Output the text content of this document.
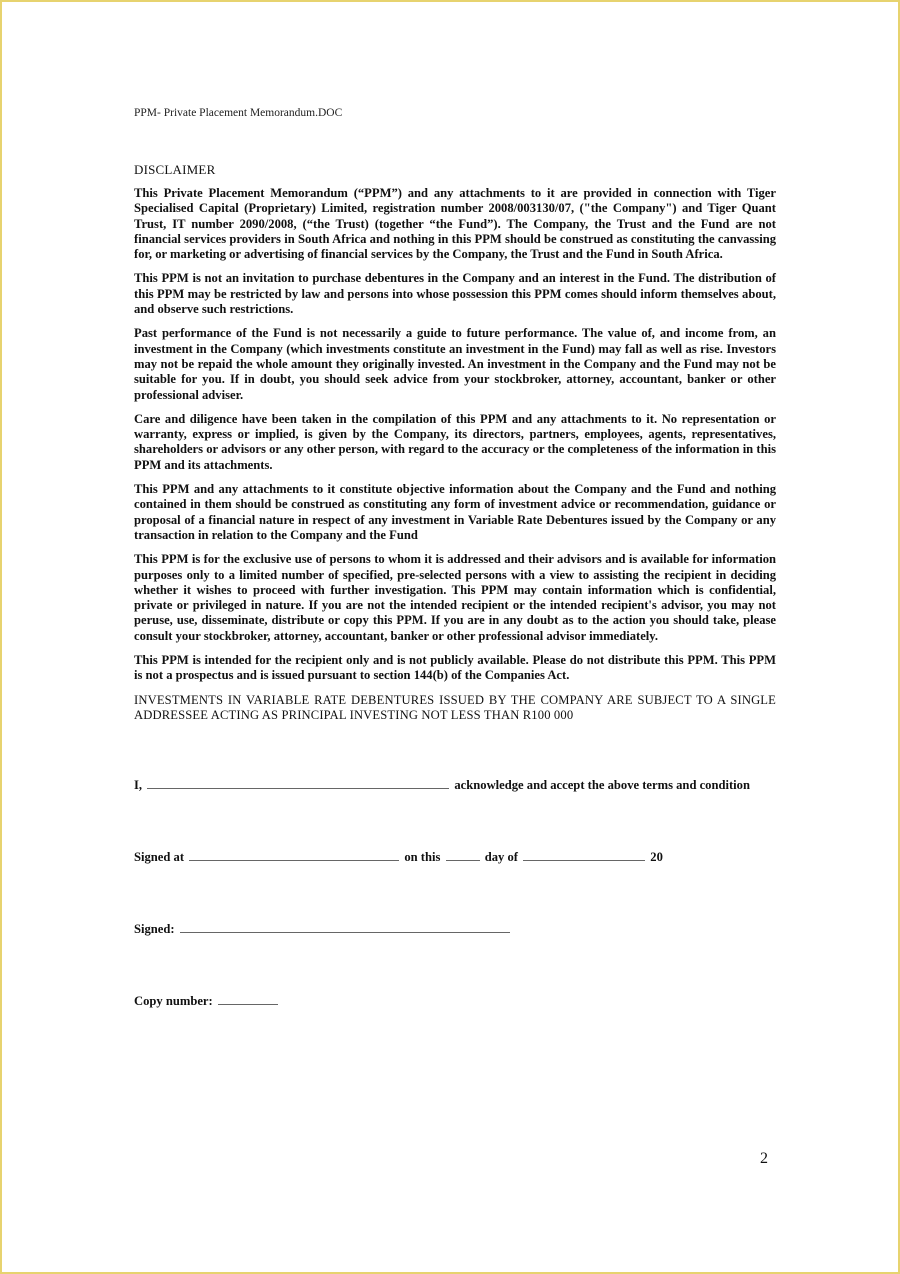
PPM- Private Placement Memorandum.DOC
DISCLAIMER

This Private Placement Memorandum (“PPM”) and any attachments to it are provided in connection with Tiger Specialised Capital (Proprietary) Limited, registration number 2008/003130/07, ("the Company") and Tiger Quant Trust, IT number 2090/2008, (“the Trust) (together “the Fund”). The Company, the Trust and the Fund are not financial services providers in South Africa and nothing in this PPM should be construed as constituting the canvassing for, or marketing or advertising of financial services by the Company, the Trust and the Fund in South Africa.

This PPM is not an invitation to purchase debentures in the Company and an interest in the Fund. The distribution of this PPM may be restricted by law and persons into whose possession this PPM comes should inform themselves about, and observe such restrictions.

Past performance of the Fund is not necessarily a guide to future performance. The value of, and income from, an investment in the Company (which investments constitute an investment in the Fund) may fall as well as rise. Investors may not be repaid the whole amount they originally invested. An investment in the Company and the Fund may not be suitable for you. If in doubt, you should seek advice from your stockbroker, attorney, accountant, banker or other professional adviser.

Care and diligence have been taken in the compilation of this PPM and any attachments to it. No representation or warranty, express or implied, is given by the Company, its directors, partners, employees, agents, representatives, shareholders or advisors or any other person, with regard to the accuracy or the completeness of the information in this PPM and its attachments.

This PPM and any attachments to it constitute objective information about the Company and the Fund and nothing contained in them should be construed as constituting any form of investment advice or recommendation, guidance or proposal of a financial nature in respect of any investment in Variable Rate Debentures issued by the Company or any transaction in relation to the Company and the Fund

This PPM is for the exclusive use of persons to whom it is addressed and their advisors and is available for information purposes only to a limited number of specified, pre-selected persons with a view to assisting the recipient in deciding whether it wishes to proceed with further investigation. This PPM may contain information which is confidential, private or privileged in nature. If you are not the intended recipient or the intended recipient's advisor, you may not peruse, use, disseminate, distribute or copy this PPM. If you are in any doubt as to the action you should take, please consult your stockbroker, attorney, accountant, banker or other professional advisor immediately.

This PPM is intended for the recipient only and is not publicly available. Please do not distribute this PPM. This PPM is not a prospectus and is issued pursuant to section 144(b) of the Companies Act.

INVESTMENTS IN VARIABLE RATE DEBENTURES ISSUED BY THE COMPANY ARE SUBJECT TO A SINGLE ADDRESSEE ACTING AS PRINCIPAL INVESTING NOT LESS THAN R100 000

I,	acknowledge and accept the above terms and condition
Signed at	on this	day of	20
Signed:
Copy number:
2
